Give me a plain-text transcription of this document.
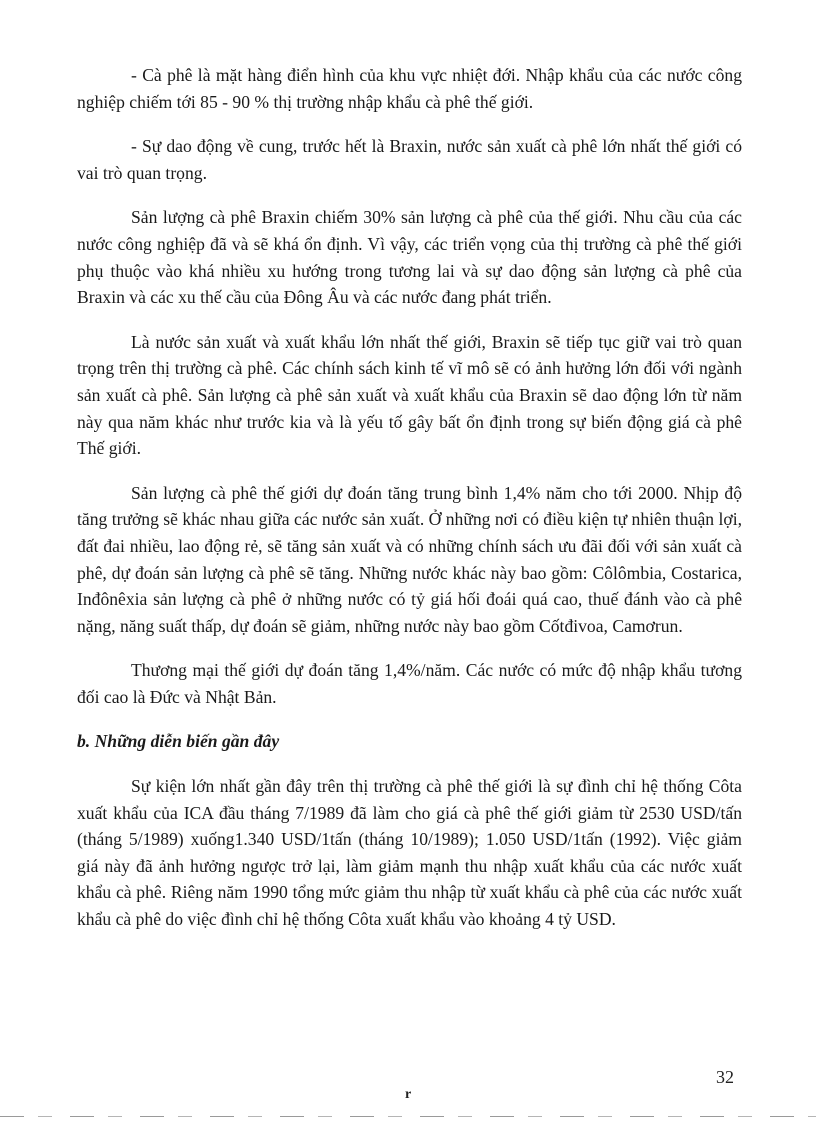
- Cà phê là mặt hàng điển hình của khu vực nhiệt đới. Nhập khẩu của các nước công nghiệp chiếm tới 85 - 90 % thị trường nhập khẩu cà phê thế giới.

- Sự dao động về cung, trước hết là Braxin, nước sản xuất cà phê lớn nhất thế giới có vai trò quan trọng.

Sản lượng cà phê Braxin chiếm 30% sản lượng cà phê của thế giới. Nhu cầu của các nước công nghiệp đã và sẽ khá ổn định. Vì vậy, các triển vọng của thị trường cà phê thế giới phụ thuộc vào khá nhiều xu hướng trong tương lai và sự dao động sản lượng cà phê của Braxin và các xu thế cầu của Đông Âu và các nước đang phát triển.

Là nước sản xuất và xuất khẩu lớn nhất thế giới, Braxin sẽ tiếp tục giữ vai trò quan trọng trên thị trường cà phê. Các chính sách kinh tế vĩ mô sẽ có ảnh hưởng lớn đối với ngành sản xuất cà phê. Sản lượng cà phê sản xuất và xuất khẩu của Braxin sẽ dao động lớn từ năm này qua năm khác như trước kia và là yếu tố gây bất ổn định trong sự biến động giá cà phê Thế giới.

Sản lượng cà phê thế giới dự đoán tăng trung bình 1,4% năm cho tới 2000. Nhịp độ tăng trưởng sẽ khác nhau giữa các nước sản xuất. Ở những nơi có điều kiện tự nhiên thuận lợi, đất đai nhiều, lao động rẻ, sẽ tăng sản xuất và có những chính sách ưu đãi đối với sản xuất cà phê, dự đoán sản lượng cà phê sẽ tăng. Những nước khác này bao gồm: Côlômbia, Costarica, Inđônêxia sản lượng cà phê ở những nước có tỷ giá hối đoái quá cao, thuế đánh vào cà phê nặng, năng suất thấp, dự đoán sẽ giảm, những nước này bao gồm Cốtđivoa, Camơrun.

Thương mại thế giới dự đoán tăng 1,4%/năm. Các nước có mức độ nhập khẩu tương đối cao là Đức và Nhật Bản.

b. Những diễn biến gần đây

Sự kiện lớn nhất gần đây trên thị trường cà phê thế giới là sự đình chỉ hệ thống Côta xuất khẩu của ICA đầu tháng 7/1989 đã làm cho giá cà phê thế giới giảm từ 2530 USD/tấn (tháng 5/1989) xuống1.340 USD/1tấn (tháng 10/1989); 1.050 USD/1tấn (1992). Việc giảm giá này đã ảnh hưởng ngược trở lại, làm giảm mạnh thu nhập xuất khẩu của các nước xuất khẩu cà phê. Riêng năm 1990 tổng mức giảm thu nhập từ xuất khẩu cà phê của các nước xuất khẩu cà phê do việc đình chỉ hệ thống Côta xuất khẩu vào khoảng 4 tỷ USD.

32
r
